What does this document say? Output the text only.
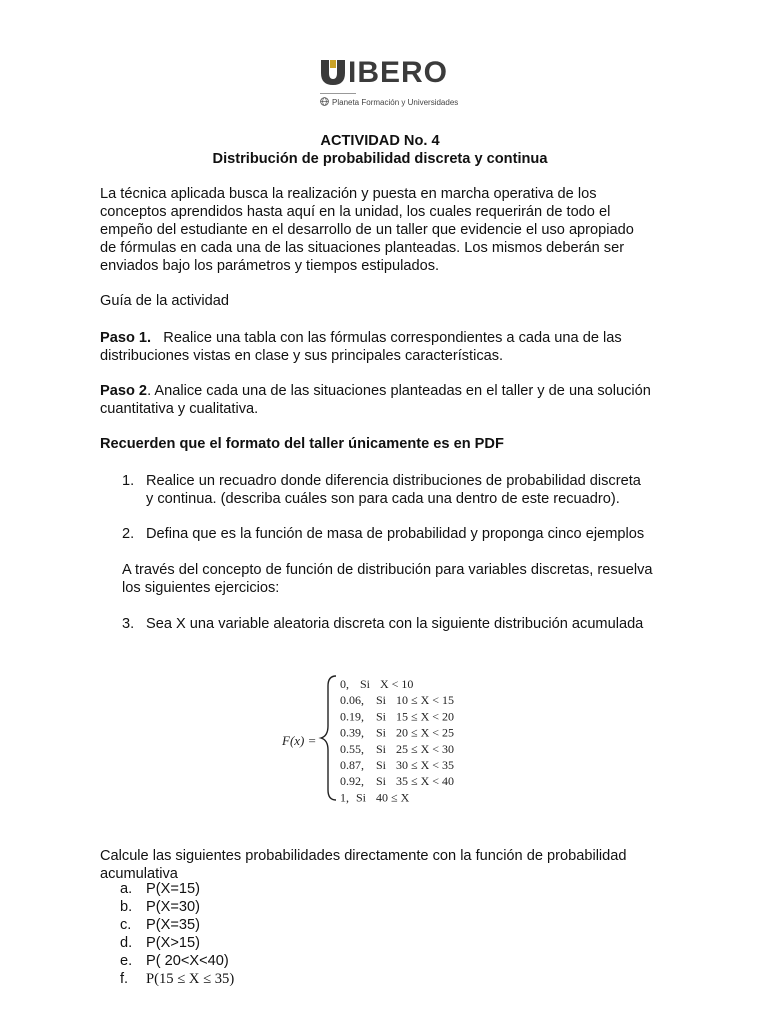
IBERO
Planeta Formación y Universidades
ACTIVIDAD No. 4
Distribución de probabilidad discreta y continua
La técnica aplicada busca la realización y puesta en marcha operativa de los
conceptos aprendidos hasta aquí en la unidad, los cuales requerirán de todo el
empeño del estudiante en el desarrollo de un taller que evidencie el uso apropiado
de fórmulas en cada una de las situaciones planteadas. Los mismos deberán ser
enviados bajo los parámetros y tiempos estipulados.
Guía de la actividad
Paso 1. Realice una tabla con las fórmulas correspondientes a cada una de las
distribuciones vistas en clase y sus principales características.
Paso 2. Analice cada una de las situaciones planteadas en el taller y de una solución
cuantitativa y cualitativa.
Recuerden que el formato del taller únicamente es en PDF
1. Realice un recuadro donde diferencia distribuciones de probabilidad discreta
y continua. (describa cuáles son para cada una dentro de este recuadro).
2. Defina que es la función de masa de probabilidad y proponga cinco ejemplos
A través del concepto de función de distribución para variables discretas, resuelva
los siguientes ejercicios:
3. Sea X una variable aleatoria discreta con la siguiente distribución acumulada
F(x) =
0, Si X < 10
0.06, Si 10 ≤ X < 15
0.19, Si 15 ≤ X < 20
0.39, Si 20 ≤ X < 25
0.55, Si 25 ≤ X < 30
0.87, Si 30 ≤ X < 35
0.92, Si 35 ≤ X < 40
1, Si 40 ≤ X
Calcule las siguientes probabilidades directamente con la función de probabilidad
acumulativa
a. P(X=15)
b. P(X=30)
c. P(X=35)
d. P(X>15)
e. P( 20<X<40)
f. P(15 ≤ X ≤ 35)
